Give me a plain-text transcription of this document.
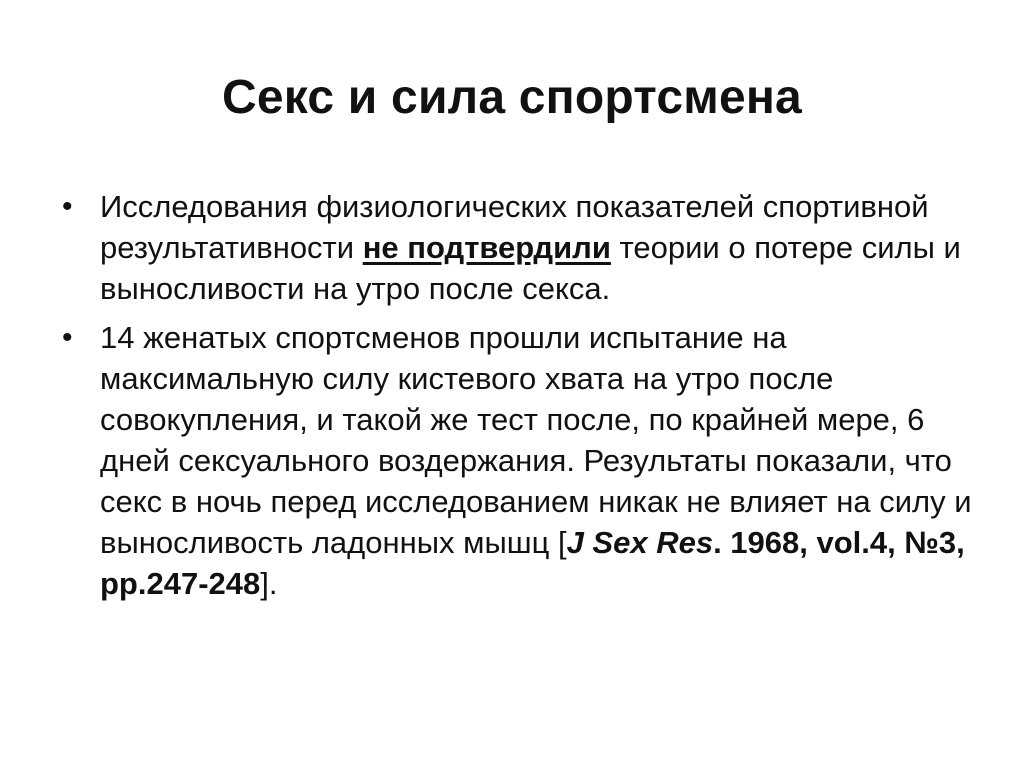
Секс и сила спортсмена
• Исследования физиологических показателей спортивной результативности не подтвердили теории о потере силы и выносливости на утро после секса.
• 14 женатых спортсменов прошли испытание на максимальную силу кистевого хвата на утро после совокупления, и такой же тест после, по крайней мере, 6 дней сексуального воздержания. Результаты показали, что секс в ночь перед исследованием никак не влияет на силу и выносливость ладонных мышц [J Sex Res. 1968, vol.4, №3, pp.247-248].
